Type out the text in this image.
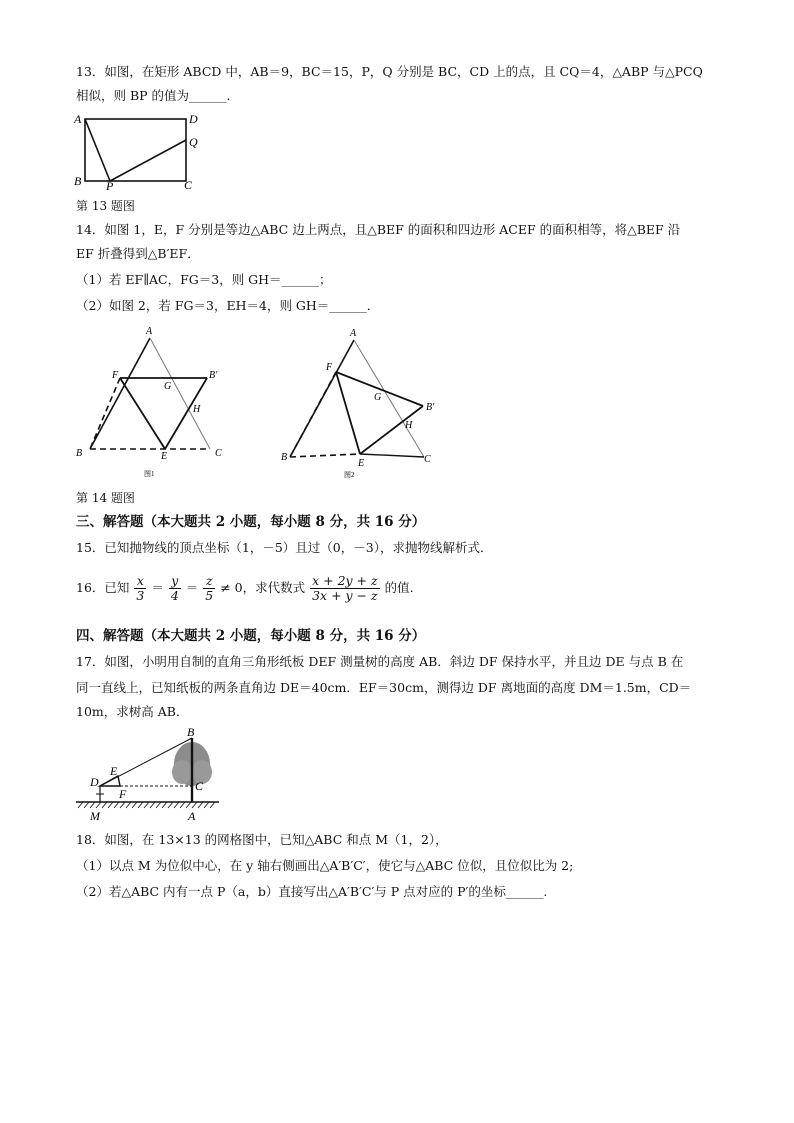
13．如图，在矩形 ABCD 中，AB＝9，BC＝15，P，Q 分别是 BC，CD 上的点，且 CQ＝4，△ABP 与△PCQ
相似，则 BP 的值为______．
A	D
Q
B P	C
第 13 题图
14．如图 1，E，F 分别是等边△ABC 边上两点，且△BEF 的面积和四边形 ACEF 的面积相等，将△BEF 沿
EF 折叠得到△B′EF．
（1）若 EF∥AC，FG＝3，则 GH＝______；
（2）如图 2，若 FG＝3，EH＝4，则 GH＝______．
A
F
G
B′
H
B	E	C
图1
A
F
G
B′
H
B
E	C
图2
第 14 题图
三、解答题（本大题共 2 小题，每小题 8 分，共 16 分）
15．已知抛物线的顶点坐标（1，－5）且过（0，－3），求抛物线解析式．
16．已知 $\frac{x}{3} = \frac{y}{4} = \frac{z}{5} \ne 0$，求代数式 $\frac{x + 2y + z}{3x + y - z}$ 的值.
四、解答题（本大题共 2 小题，每小题 8 分，共 16 分）
17．如图，小明用自制的直角三角形纸板 DEF 测量树的高度 AB．斜边 DF 保持水平，并且边 DE 与点 B 在
同一直线上，已知纸板的两条直角边 DE＝40cm．EF＝30cm，测得边 DF 离地面的高度 DM＝1.5m，CD＝
10m，求树高 AB．
B
E
D
F
C
M	A
18．如图，在 13×13 的网格图中，已知△ABC 和点 M（1，2），
（1）以点 M 为位似中心，在 y 轴右侧画出△A′B′C′，使它与△ABC 位似，且位似比为 2;
（2）若△ABC 内有一点 P（a，b）直接写出△A′B′C′与 P 点对应的 P′的坐标______.
